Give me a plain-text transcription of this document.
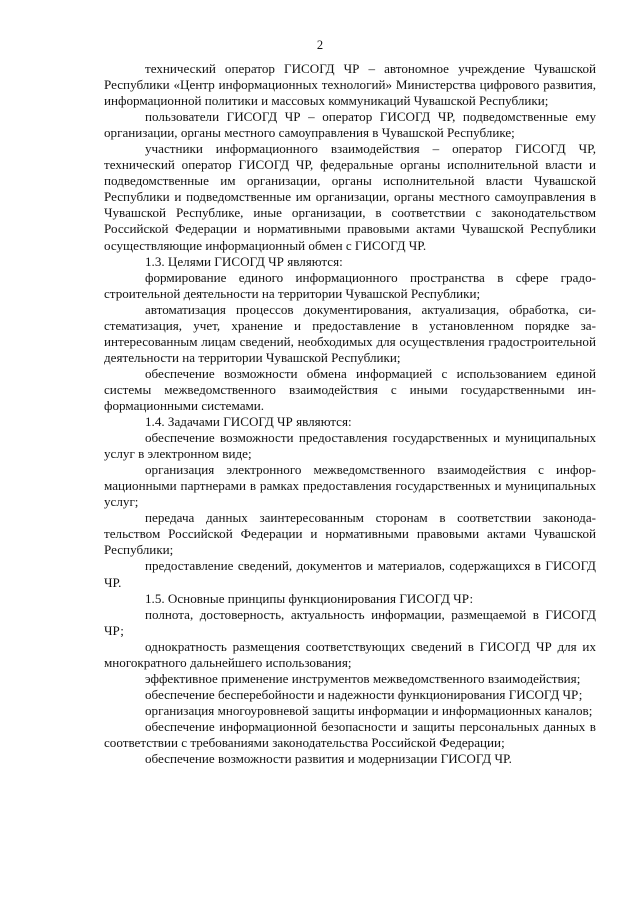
2

технический оператор ГИСОГД ЧР – автономное учреждение Чувашской Республики «Центр информационных технологий» Министерства цифрового развития, информационной политики и массовых коммуникаций Чувашской Республики;

пользователи ГИСОГД ЧР – оператор ГИСОГД ЧР, подведомственные ему организации, органы местного самоуправления в Чувашской Республике;

участники информационного взаимодействия – оператор ГИСОГД ЧР, технический оператор ГИСОГД ЧР, федеральные органы исполнительной власти и подведомственные им организации, органы исполнительной власти Чувашской Республики и подведомственные им организации, органы местного самоуправления в Чувашской Республике, иные организации, в соответствии с законодательством Российской Федерации и нормативными правовыми актами Чувашской Республики осуществляющие информационный обмен с ГИСОГД ЧР.

1.3. Целями ГИСОГД ЧР являются:

формирование единого информационного пространства в сфере градостроительной деятельности на территории Чувашской Республики;

автоматизация процессов документирования, актуализация, обработка, систематизация, учет, хранение и предоставление в установленном порядке заинтересованным лицам сведений, необходимых для осуществления градостроительной деятельности на территории Чувашской Республики;

обеспечение возможности обмена информацией с использованием единой системы межведомственного взаимодействия с иными государственными информационными системами.

1.4. Задачами ГИСОГД ЧР являются:

обеспечение возможности предоставления государственных и муниципальных услуг в электронном виде;

организация электронного межведомственного взаимодействия с информационными партнерами в рамках предоставления государственных и муниципальных услуг;

передача данных заинтересованным сторонам в соответствии законодательством Российской Федерации и нормативными правовыми актами Чувашской Республики;

предоставление сведений, документов и материалов, содержащихся в ГИСОГД ЧР.

1.5. Основные принципы функционирования ГИСОГД ЧР:

полнота, достоверность, актуальность информации, размещаемой в ГИСОГД ЧР;

однократность размещения соответствующих сведений в ГИСОГД ЧР для их многократного дальнейшего использования;

эффективное применение инструментов межведомственного взаимодействия;

обеспечение бесперебойности и надежности функционирования ГИСОГД ЧР;

организация многоуровневой защиты информации и информационных каналов;

обеспечение информационной безопасности и защиты персональных данных в соответствии с требованиями законодательства Российской Федерации;

обеспечение возможности развития и модернизации ГИСОГД ЧР.
